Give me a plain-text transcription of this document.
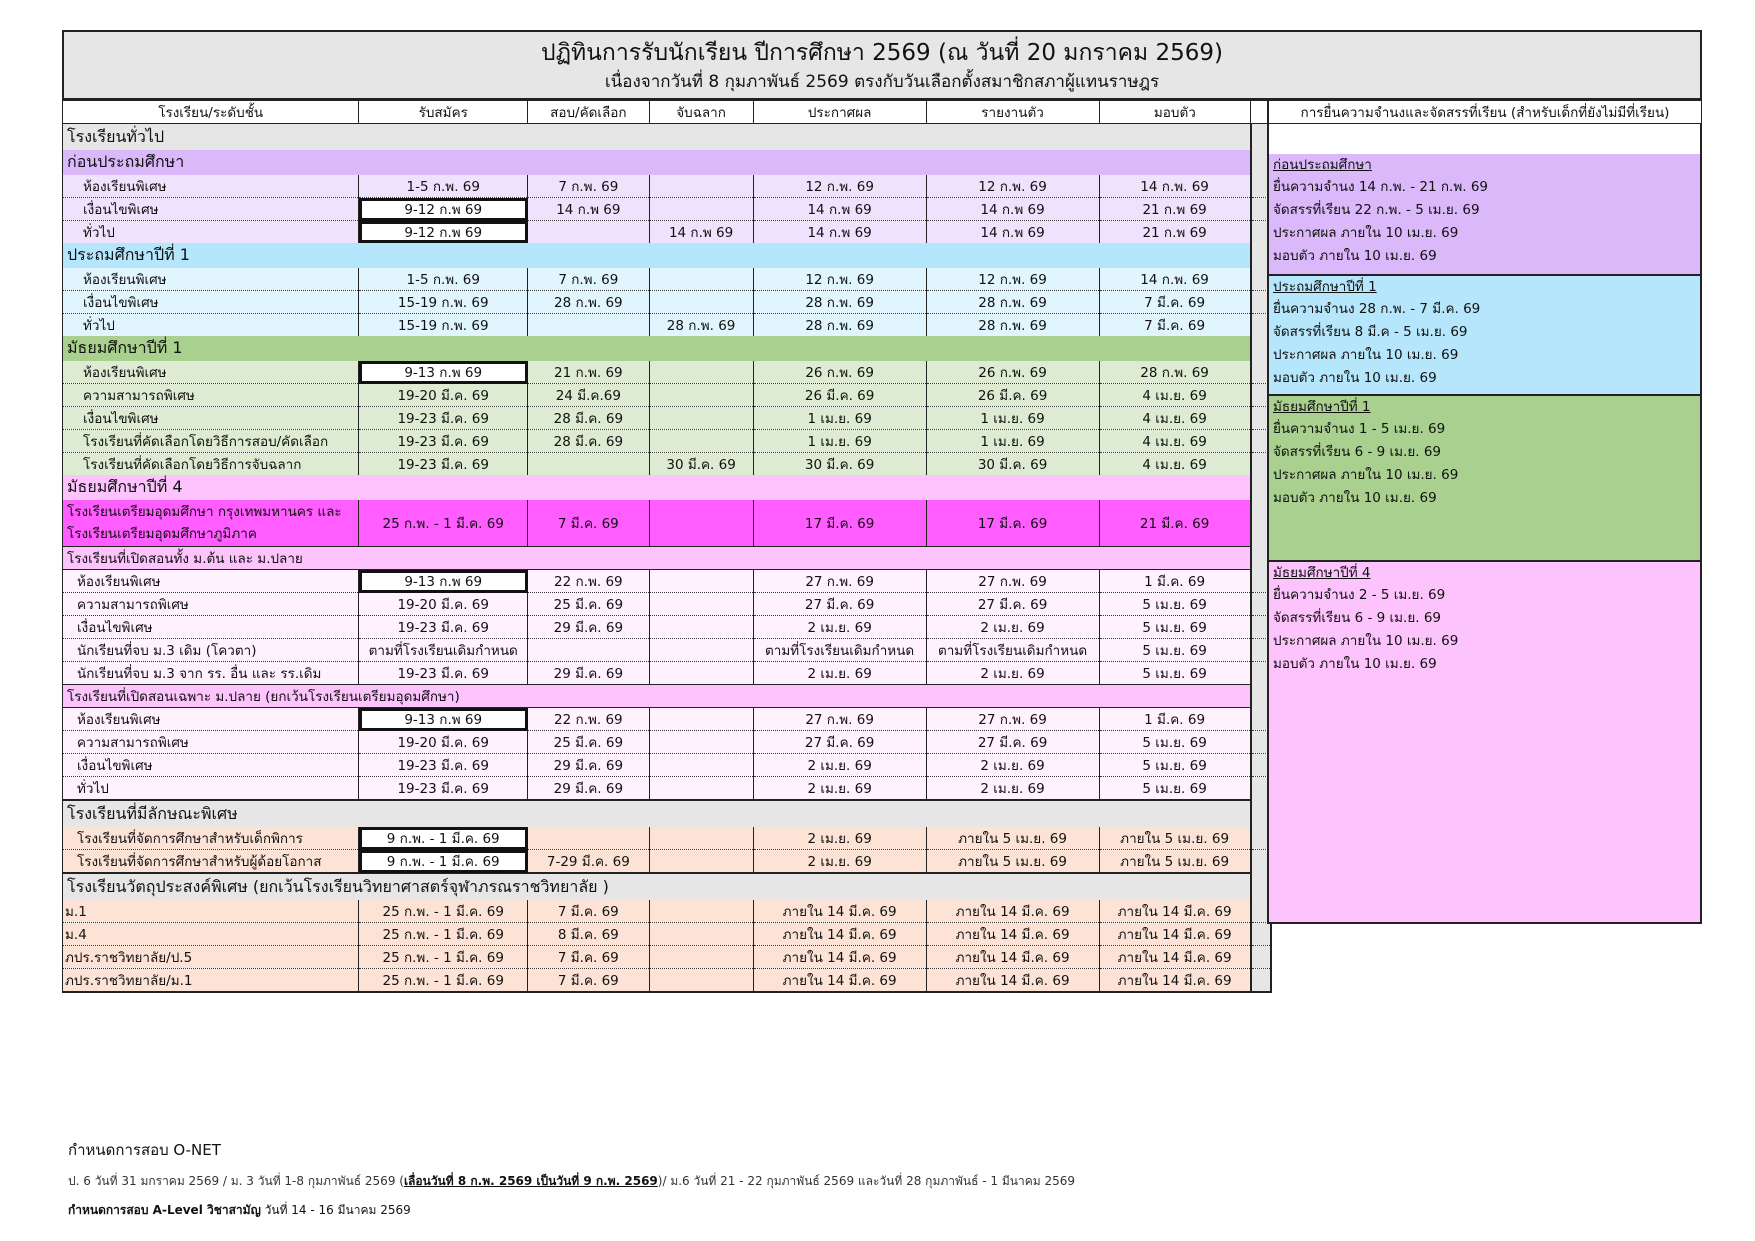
ปฏิทินการรับนักเรียน ปีการศึกษา 2569 (ณ วันที่ 20 มกราคม 2569)
เนื่องจากวันที่ 8 กุมภาพันธ์ 2569 ตรงกับวันเลือกตั้งสมาชิกสภาผู้แทนราษฎร
โรงเรียน/ระดับชั้น	รับสมัคร	สอบ/คัดเลือก	จับฉลาก	ประกาศผล	รายงานตัว	มอบตัว	
โรงเรียนทั่วไป							
ก่อนประถมศึกษา							
ห้องเรียนพิเศษ	1-5 ก.พ. 69	7 ก.พ. 69		12 ก.พ. 69	12 ก.พ. 69	14 ก.พ. 69	
เงื่อนไขพิเศษ	9-12 ก.พ 69	14 ก.พ 69		14 ก.พ 69	14 ก.พ 69	21 ก.พ 69	
ทั่วไป	9-12 ก.พ 69		14 ก.พ 69	14 ก.พ 69	14 ก.พ 69	21 ก.พ 69	
ประถมศึกษาปีที่ 1							
ห้องเรียนพิเศษ	1-5 ก.พ. 69	7 ก.พ. 69		12 ก.พ. 69	12 ก.พ. 69	14 ก.พ. 69	
เงื่อนไขพิเศษ	15-19 ก.พ. 69	28 ก.พ. 69		28 ก.พ. 69	28 ก.พ. 69	7 มี.ค. 69	
ทั่วไป	15-19 ก.พ. 69		28 ก.พ. 69	28 ก.พ. 69	28 ก.พ. 69	7 มี.ค. 69	
มัธยมศึกษาปีที่ 1							
ห้องเรียนพิเศษ	9-13 ก.พ 69	21 ก.พ. 69		26 ก.พ. 69	26 ก.พ. 69	28 ก.พ. 69	
ความสามารถพิเศษ	19-20 มี.ค. 69	24 มี.ค.69		26 มี.ค. 69	26 มี.ค. 69	4 เม.ย. 69	
เงื่อนไขพิเศษ	19-23 มี.ค. 69	28 มี.ค. 69		1 เม.ย. 69	1 เม.ย. 69	4 เม.ย. 69	
โรงเรียนที่คัดเลือกโดยวิธีการสอบ/คัดเลือก	19-23 มี.ค. 69	28 มี.ค. 69		1 เม.ย. 69	1 เม.ย. 69	4 เม.ย. 69	
โรงเรียนที่คัดเลือกโดยวิธีการจับฉลาก	19-23 มี.ค. 69		30 มี.ค. 69	30 มี.ค. 69	30 มี.ค. 69	4 เม.ย. 69	
มัธยมศึกษาปีที่ 4							

โรงเรียนเตรียมอุดมศึกษา กรุงเทพมหานคร และ
โรงเรียนเตรียมอุดมศึกษาภูมิภาค	25 ก.พ. - 1 มี.ค. 69	7 มี.ค. 69		17 มี.ค. 69	17 มี.ค. 69	21 มี.ค. 69	
โรงเรียนที่เปิดสอนทั้ง ม.ต้น และ ม.ปลาย							
ห้องเรียนพิเศษ	9-13 ก.พ 69	22 ก.พ. 69		27 ก.พ. 69	27 ก.พ. 69	1 มี.ค. 69	
ความสามารถพิเศษ	19-20 มี.ค. 69	25 มี.ค. 69		27 มี.ค. 69	27 มี.ค. 69	5 เม.ย. 69	
เงื่อนไขพิเศษ	19-23 มี.ค. 69	29 มี.ค. 69		2 เม.ย. 69	2 เม.ย. 69	5 เม.ย. 69	
นักเรียนที่จบ ม.3 เดิม (โควตา)	ตามที่โรงเรียนเดิมกำหนด			ตามที่โรงเรียนเดิมกำหนด	ตามที่โรงเรียนเดิมกำหนด	5 เม.ย. 69	
นักเรียนที่จบ ม.3 จาก รร. อื่น และ รร.เดิม	19-23 มี.ค. 69	29 มี.ค. 69		2 เม.ย. 69	2 เม.ย. 69	5 เม.ย. 69	
โรงเรียนที่เปิดสอนเฉพาะ ม.ปลาย (ยกเว้นโรงเรียนเตรียมอุดมศึกษา)							
ห้องเรียนพิเศษ	9-13 ก.พ 69	22 ก.พ. 69		27 ก.พ. 69	27 ก.พ. 69	1 มี.ค. 69	
ความสามารถพิเศษ	19-20 มี.ค. 69	25 มี.ค. 69		27 มี.ค. 69	27 มี.ค. 69	5 เม.ย. 69	
เงื่อนไขพิเศษ	19-23 มี.ค. 69	29 มี.ค. 69		2 เม.ย. 69	2 เม.ย. 69	5 เม.ย. 69	
ทั่วไป	19-23 มี.ค. 69	29 มี.ค. 69		2 เม.ย. 69	2 เม.ย. 69	5 เม.ย. 69	
โรงเรียนที่มีลักษณะพิเศษ							
โรงเรียนที่จัดการศึกษาสำหรับเด็กพิการ	9 ก.พ. - 1 มี.ค. 69			2 เม.ย. 69	ภายใน 5 เม.ย. 69	ภายใน 5 เม.ย. 69	
โรงเรียนที่จัดการศึกษาสำหรับผู้ด้อยโอกาส	9 ก.พ. - 1 มี.ค. 69	7-29 มี.ค. 69		2 เม.ย. 69	ภายใน 5 เม.ย. 69	ภายใน 5 เม.ย. 69	
โรงเรียนวัตถุประสงค์พิเศษ (ยกเว้นโรงเรียนวิทยาศาสตร์จุฬาภรณราชวิทยาลัย )							
ม.1	25 ก.พ. - 1 มี.ค. 69	7 มี.ค. 69		ภายใน 14 มี.ค. 69	ภายใน 14 มี.ค. 69	ภายใน 14 มี.ค. 69	
ม.4	25 ก.พ. - 1 มี.ค. 69	8 มี.ค. 69		ภายใน 14 มี.ค. 69	ภายใน 14 มี.ค. 69	ภายใน 14 มี.ค. 69	
ภปร.ราชวิทยาลัย/ป.5	25 ก.พ. - 1 มี.ค. 69	7 มี.ค. 69		ภายใน 14 มี.ค. 69	ภายใน 14 มี.ค. 69	ภายใน 14 มี.ค. 69	
ภปร.ราชวิทยาลัย/ม.1	25 ก.พ. - 1 มี.ค. 69	7 มี.ค. 69		ภายใน 14 มี.ค. 69	ภายใน 14 มี.ค. 69	ภายใน 14 มี.ค. 69	
การยื่นความจำนงและจัดสรรที่เรียน (สำหรับเด็กที่ยังไม่มีที่เรียน)
ก่อนประถมศึกษา
ยื่นความจำนง 14 ก.พ. - 21 ก.พ. 69
จัดสรรที่เรียน 22 ก.พ. - 5 เม.ย. 69
ประกาศผล ภายใน 10 เม.ย. 69
มอบตัว ภายใน 10 เม.ย. 69
ประถมศึกษาปีที่ 1
ยื่นความจำนง 28 ก.พ. - 7 มี.ค. 69
จัดสรรที่เรียน 8 มี.ค - 5 เม.ย. 69
ประกาศผล ภายใน 10 เม.ย. 69
มอบตัว ภายใน 10 เม.ย. 69
มัธยมศึกษาปีที่ 1
ยื่นความจำนง 1 - 5 เม.ย. 69
จัดสรรที่เรียน 6 - 9 เม.ย. 69
ประกาศผล ภายใน 10 เม.ย. 69
มอบตัว ภายใน 10 เม.ย. 69
มัธยมศึกษาปีที่ 4
ยื่นความจำนง 2 - 5 เม.ย. 69
จัดสรรที่เรียน 6 - 9 เม.ย. 69
ประกาศผล ภายใน 10 เม.ย. 69
มอบตัว ภายใน 10 เม.ย. 69
กำหนดการสอบ O-NET
ป. 6 วันที่ 31 มกราคม 2569 / ม. 3 วันที่ 1-8 กุมภาพันธ์ 2569 (เลื่อนวันที่ 8 ก.พ. 2569 เป็นวันที่ 9 ก.พ. 2569)/ ม.6 วันที่ 21 - 22 กุมภาพันธ์ 2569 และวันที่ 28 กุมภาพันธ์ - 1 มีนาคม 2569
กำหนดการสอบ A-Level วิชาสามัญ วันที่ 14 - 16 มีนาคม 2569
